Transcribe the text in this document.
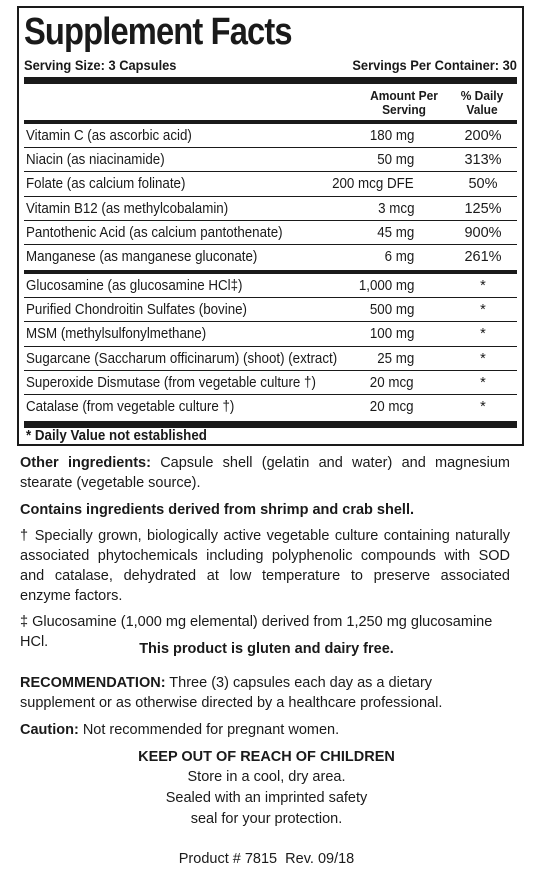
Supplement Facts
Serving Size: 3 Capsules	Servings Per Container: 30
Amount Per
Serving
% Daily
Value
Vitamin C (as ascorbic acid)	180 mg	200%
Niacin (as niacinamide)	50 mg	313%
Folate (as calcium folinate)	200 mcg DFE	50%
Vitamin B12 (as methylcobalamin)	3 mcg	125%
Pantothenic Acid (as calcium pantothenate)	45 mg	900%
Manganese (as manganese gluconate)	6 mg	261%
Glucosamine (as glucosamine HCl‡)	1,000 mg	*
Purified Chondroitin Sulfates (bovine)	500 mg	*
MSM (methylsulfonylmethane)	100 mg	*
Sugarcane (Saccharum officinarum) (shoot) (extract)	25 mg	*
Superoxide Dismutase (from vegetable culture †)	20 mcg	*
Catalase (from vegetable culture †)	20 mcg	*
* Daily Value not established
Other ingredients: Capsule shell (gelatin and water) and magnesium stearate (vegetable source).
Contains ingredients derived from shrimp and crab shell.
† Specially grown, biologically active vegetable culture containing naturally associated phytochemicals including polyphenolic compounds with SOD and catalase, dehydrated at low temperature to preserve associated enzyme factors.
‡ Glucosamine (1,000 mg elemental) derived from 1,250 mg glucosamine HCl.	This product is gluten and dairy free.
RECOMMENDATION: Three (3) capsules each day as a dietary supplement or as otherwise directed by a healthcare professional.
Caution: Not recommended for pregnant women.
KEEP OUT OF REACH OF CHILDREN
Store in a cool, dry area.
Sealed with an imprinted safety
seal for your protection.
Product # 7815  Rev. 09/18
